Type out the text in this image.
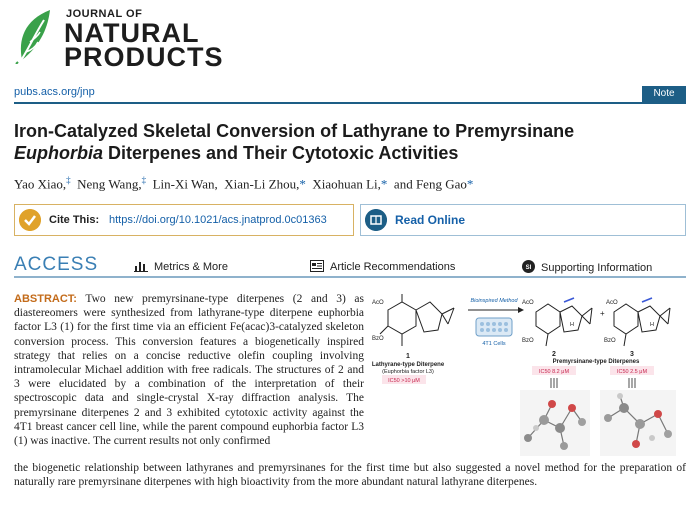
JOURNAL OF
NATURAL
PRODUCTS
pubs.acs.org/jnp	Note
Iron-Catalyzed Skeletal Conversion of Lathyrane to Premyrsinane
Euphorbia Diterpenes and Their Cytotoxic Activities
Yao Xiao,‡ Neng Wang,‡ Lin-Xi Wan, Xian-Li Zhou,* Xiaohuan Li,* and Feng Gao*
Cite This: https://doi.org/10.1021/acs.jnatprod.0c01363	Read Online
ACCESS	Metrics & More	Article Recommendations	SI Supporting Information
ABSTRACT: Two new premyrsinane-type diterpenes (2 and 3) as diastereomers were synthesized from lathyrane-type diterpene euphorbia factor L3 (1) for the first time via an efficient Fe(acac)3-catalyzed skeleton conversion process. This conversion features a biogenetically inspired strategy that relies on a concise reductive olefin coupling involving intramolecular Michael addition with free radicals. The structures of 2 and 3 were elucidated by a combination of the interpretation of their spectroscopic data and single-crystal X-ray diffraction analysis. The premyrsinane diterpenes 2 and 3 exhibited cytotoxic activity against the 4T1 breast cancer cell line, while the parent compound euphorbia factor L3 (1) was inactive. The current results not only confirmed
the biogenetic relationship between lathyranes and premyrsinanes for the first time but also suggested a novel method for the preparation of naturally rare premyrsinane diterpenes with high bioactivity from the more abundant natural lathyrane diterpenes.
AcO
BzO
1
Lathyrane-type Diterpene
(Euphorbia factor L3)
IC50 >10 μM
Bioinspired Method
4T1 Cells
AcO
BzO
H
+
AcO
BzO
H
2	3
Premyrsinane-type Diterpenes
IC50 8.2 μM	IC50 2.5 μM
